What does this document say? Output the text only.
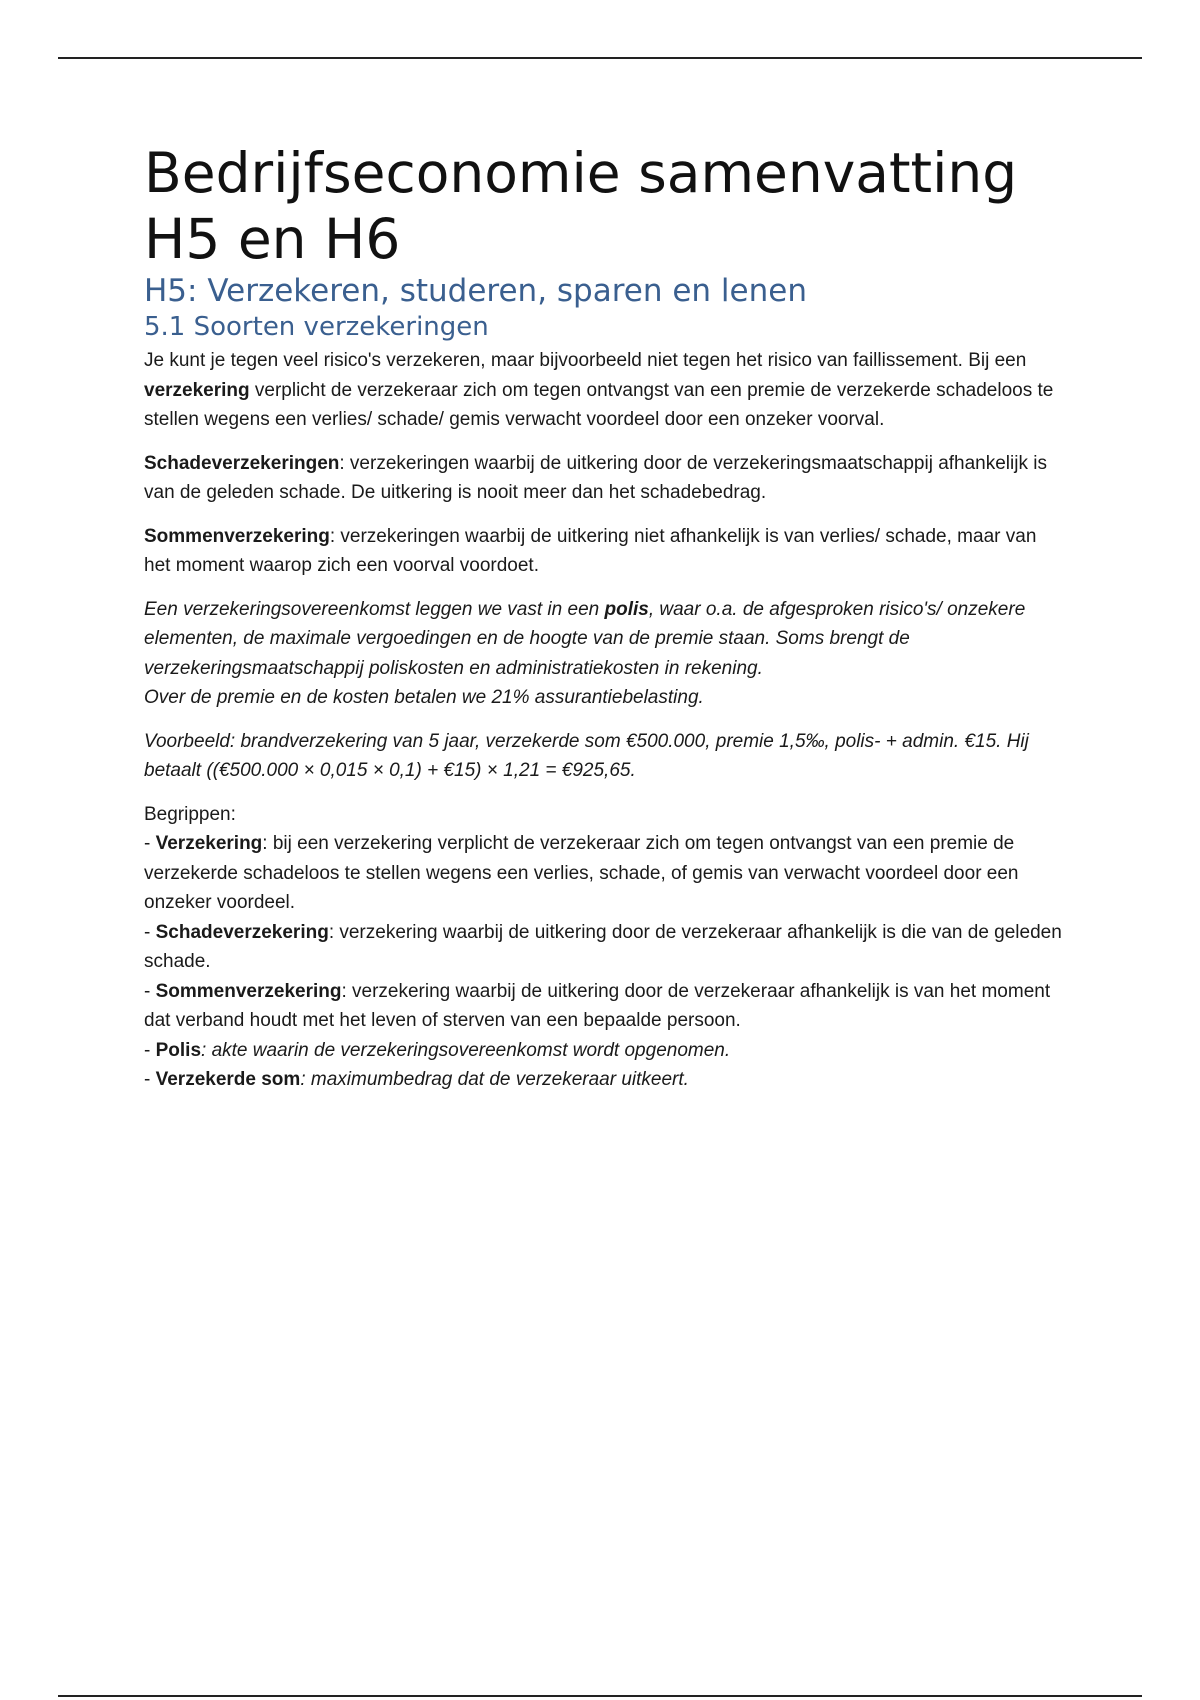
Bedrijfseconomie samenvatting H5 en H6
H5: Verzekeren, studeren, sparen en lenen
5.1 Soorten verzekeringen

Je kunt je tegen veel risico's verzekeren, maar bijvoorbeeld niet tegen het risico van faillissement. Bij een verzekering verplicht de verzekeraar zich om tegen ontvangst van een premie de verzekerde schadeloos te stellen wegens een verlies/ schade/ gemis verwacht voordeel door een onzeker voorval.

Schadeverzekeringen: verzekeringen waarbij de uitkering door de verzekeringsmaatschappij afhankelijk is van de geleden schade. De uitkering is nooit meer dan het schadebedrag.

Sommenverzekering: verzekeringen waarbij de uitkering niet afhankelijk is van verlies/ schade, maar van het moment waarop zich een voorval voordoet.

Een verzekeringsovereenkomst leggen we vast in een polis, waar o.a. de afgesproken risico's/ onzekere elementen, de maximale vergoedingen en de hoogte van de premie staan. Soms brengt de verzekeringsmaatschappij poliskosten en administratiekosten in rekening.
Over de premie en de kosten betalen we 21% assurantiebelasting.

Voorbeeld: brandverzekering van 5 jaar, verzekerde som €500.000, premie 1,5‰, polis- + admin. €15. Hij betaalt ((€500.000 × 0,015 × 0,1) + €15) × 1,21 = €925,65.

Begrippen:
- Verzekering: bij een verzekering verplicht de verzekeraar zich om tegen ontvangst van een premie de verzekerde schadeloos te stellen wegens een verlies, schade, of gemis van verwacht voordeel door een onzeker voordeel.
- Schadeverzekering: verzekering waarbij de uitkering door de verzekeraar afhankelijk is die van de geleden schade.
- Sommenverzekering: verzekering waarbij de uitkering door de verzekeraar afhankelijk is van het moment dat verband houdt met het leven of sterven van een bepaalde persoon.
- Polis: akte waarin de verzekeringsovereenkomst wordt opgenomen.
- Verzekerde som: maximumbedrag dat de verzekeraar uitkeert.
